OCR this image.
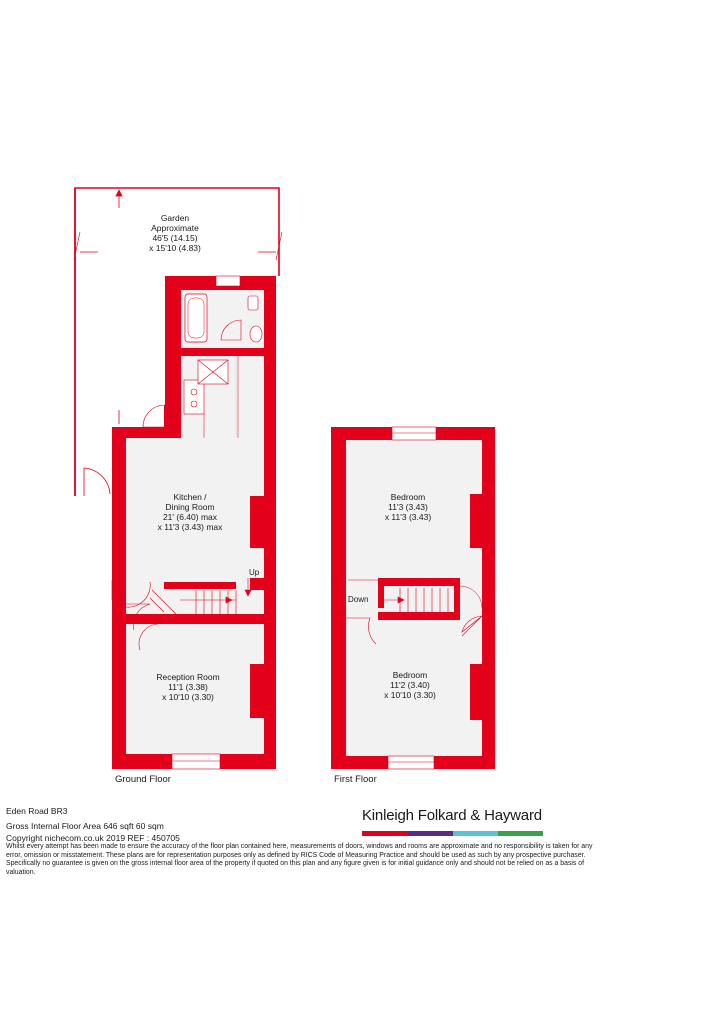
Garden
Approximate
46'5 (14.15)
x 15'10 (4.83)
Kitchen /
Dining Room
21' (6.40) max
x 11'3 (3.43) max
Up
Reception Room
11'1 (3.38)
x 10'10 (3.30)
Bedroom
11'3 (3.43)
x 11'3 (3.43)
Down
Bedroom
11'2 (3.40)
x 10'10 (3.30)
Ground Floor	First Floor
Eden Road BR3
Gross Internal Floor Area 646 sqft 60 sqm
Copyright nichecom.co.uk 2019 REF : 450705
Kinleigh Folkard & Hayward
Whilst every attempt has been made to ensure the accuracy of the floor plan contained here, measurements of doors, windows and rooms are approximate and no responsibility is taken for any error, omission or misstatement. These plans are for representation purposes only as defined by RICS Code of Measuring Practice and should be used as such by any prospective purchaser. Specifically no guarantee is given on the gross internal floor area of the property if quoted on this plan and any figure given is for initial guidance only and should not be relied on as a basis of valuation.
